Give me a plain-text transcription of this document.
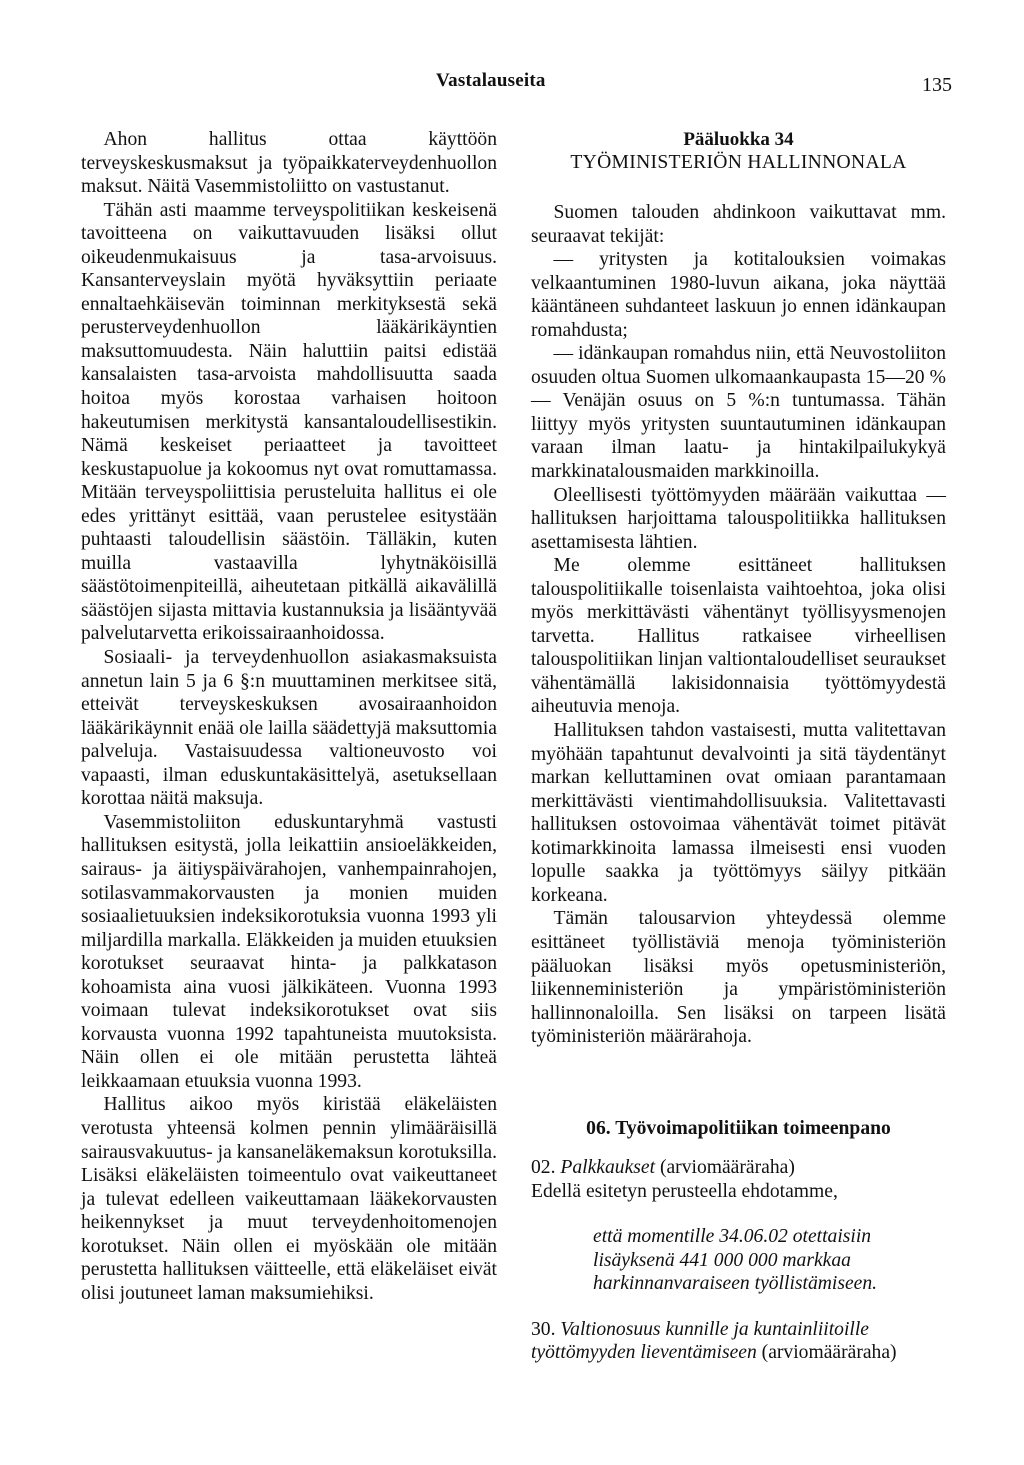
Vastalauseita	135

Ahon hallitus ottaa käyttöön terveyskeskusmaksut ja työpaikkaterveydenhuollon maksut. Näitä Vasemmistoliitto on vastustanut.

Tähän asti maamme terveyspolitiikan keskeisenä tavoitteena on vaikuttavuuden lisäksi ollut oikeudenmukaisuus ja tasa-arvoisuus. Kansanterveyslain myötä hyväksyttiin periaate ennaltaehkäisevän toiminnan merkityksestä sekä perusterveydenhuollon lääkärikäyntien maksuttomuudesta. Näin haluttiin paitsi edistää kansalaisten tasa-arvoista mahdollisuutta saada hoitoa myös korostaa varhaisen hoitoon hakeutumisen merkitystä kansantaloudellisestikin. Nämä keskeiset periaatteet ja tavoitteet keskustapuolue ja kokoomus nyt ovat romuttamassa. Mitään terveyspoliittisia perusteluita hallitus ei ole edes yrittänyt esittää, vaan perustelee esitystään puhtaasti taloudellisin säästöin. Tälläkin, kuten muilla vastaavilla lyhytnäköisillä säästötoimenpiteillä, aiheutetaan pitkällä aikavälillä säästöjen sijasta mittavia kustannuksia ja lisääntyvää palvelutarvetta erikoissairaanhoidossa.

Sosiaali- ja terveydenhuollon asiakasmaksuista annetun lain 5 ja 6 §:n muuttaminen merkitsee sitä, etteivät terveyskeskuksen avosairaanhoidon lääkärikäynnit enää ole lailla säädettyjä maksuttomia palveluja. Vastaisuudessa valtioneuvosto voi vapaasti, ilman eduskuntakäsittelyä, asetuksellaan korottaa näitä maksuja.

Vasemmistoliiton eduskuntaryhmä vastusti hallituksen esitystä, jolla leikattiin ansioeläkkeiden, sairaus- ja äitiyspäivärahojen, vanhempainrahojen, sotilasvammakorvausten ja monien muiden sosiaalietuuksien indeksikorotuksia vuonna 1993 yli miljardilla markalla. Eläkkeiden ja muiden etuuksien korotukset seuraavat hinta- ja palkkatason kohoamista aina vuosi jälkikäteen. Vuonna 1993 voimaan tulevat indeksikorotukset ovat siis korvausta vuonna 1992 tapahtuneista muutoksista. Näin ollen ei ole mitään perustetta lähteä leikkaamaan etuuksia vuonna 1993.

Hallitus aikoo myös kiristää eläkeläisten verotusta yhteensä kolmen pennin ylimääräisillä sairausvakuutus- ja kansaneläkemaksun korotuksilla. Lisäksi eläkeläisten toimeentulo ovat vaikeuttaneet ja tulevat edelleen vaikeuttamaan lääkekorvausten heikennykset ja muut terveydenhoitomenojen korotukset. Näin ollen ei myöskään ole mitään perustetta hallituksen väitteelle, että eläkeläiset eivät olisi joutuneet laman maksumiehiksi.

Pääluokka 34
TYÖMINISTERIÖN HALLINNONALA

Suomen talouden ahdinkoon vaikuttavat mm. seuraavat tekijät:

— yritysten ja kotitalouksien voimakas velkaantuminen 1980-luvun aikana, joka näyttää kääntäneen suhdanteet laskuun jo ennen idänkaupan romahdusta;

— idänkaupan romahdus niin, että Neuvostoliiton osuuden oltua Suomen ulkomaankaupasta 15—20 % — Venäjän osuus on 5 %:n tuntumassa. Tähän liittyy myös yritysten suuntautuminen idänkaupan varaan ilman laatu- ja hintakilpailukykyä markkinatalousmaiden markkinoilla.

Oleellisesti työttömyyden määrään vaikuttaa — hallituksen harjoittama talouspolitiikka hallituksen asettamisesta lähtien.

Me olemme esittäneet hallituksen talouspolitiikalle toisenlaista vaihtoehtoa, joka olisi myös merkittävästi vähentänyt työllisyysmenojen tarvetta. Hallitus ratkaisee virheellisen talouspolitiikan linjan valtiontaloudelliset seuraukset vähentämällä lakisidonnaisia työttömyydestä aiheutuvia menoja.

Hallituksen tahdon vastaisesti, mutta valitettavan myöhään tapahtunut devalvointi ja sitä täydentänyt markan kelluttaminen ovat omiaan parantamaan merkittävästi vientimahdollisuuksia. Valitettavasti hallituksen ostovoimaa vähentävät toimet pitävät kotimarkkinoita lamassa ilmeisesti ensi vuoden lopulle saakka ja työttömyys säilyy pitkään korkeana.

Tämän talousarvion yhteydessä olemme esittäneet työllistäviä menoja työministeriön pääluokan lisäksi myös opetusministeriön, liikenneministeriön ja ympäristöministeriön hallinnonaloilla. Sen lisäksi on tarpeen lisätä työministeriön määrärahoja.

06. Työvoimapolitiikan toimeenpano

02. Palkkaukset (arviomääräraha)

Edellä esitetyn perusteella ehdotamme,

että momentille 34.06.02 otettaisiin lisäyksenä 441 000 000 markkaa harkinnanvaraiseen työllistämiseen.

30. Valtionosuus kunnille ja kuntainliitoille työttömyyden lieventämiseen (arviomääräraha)
